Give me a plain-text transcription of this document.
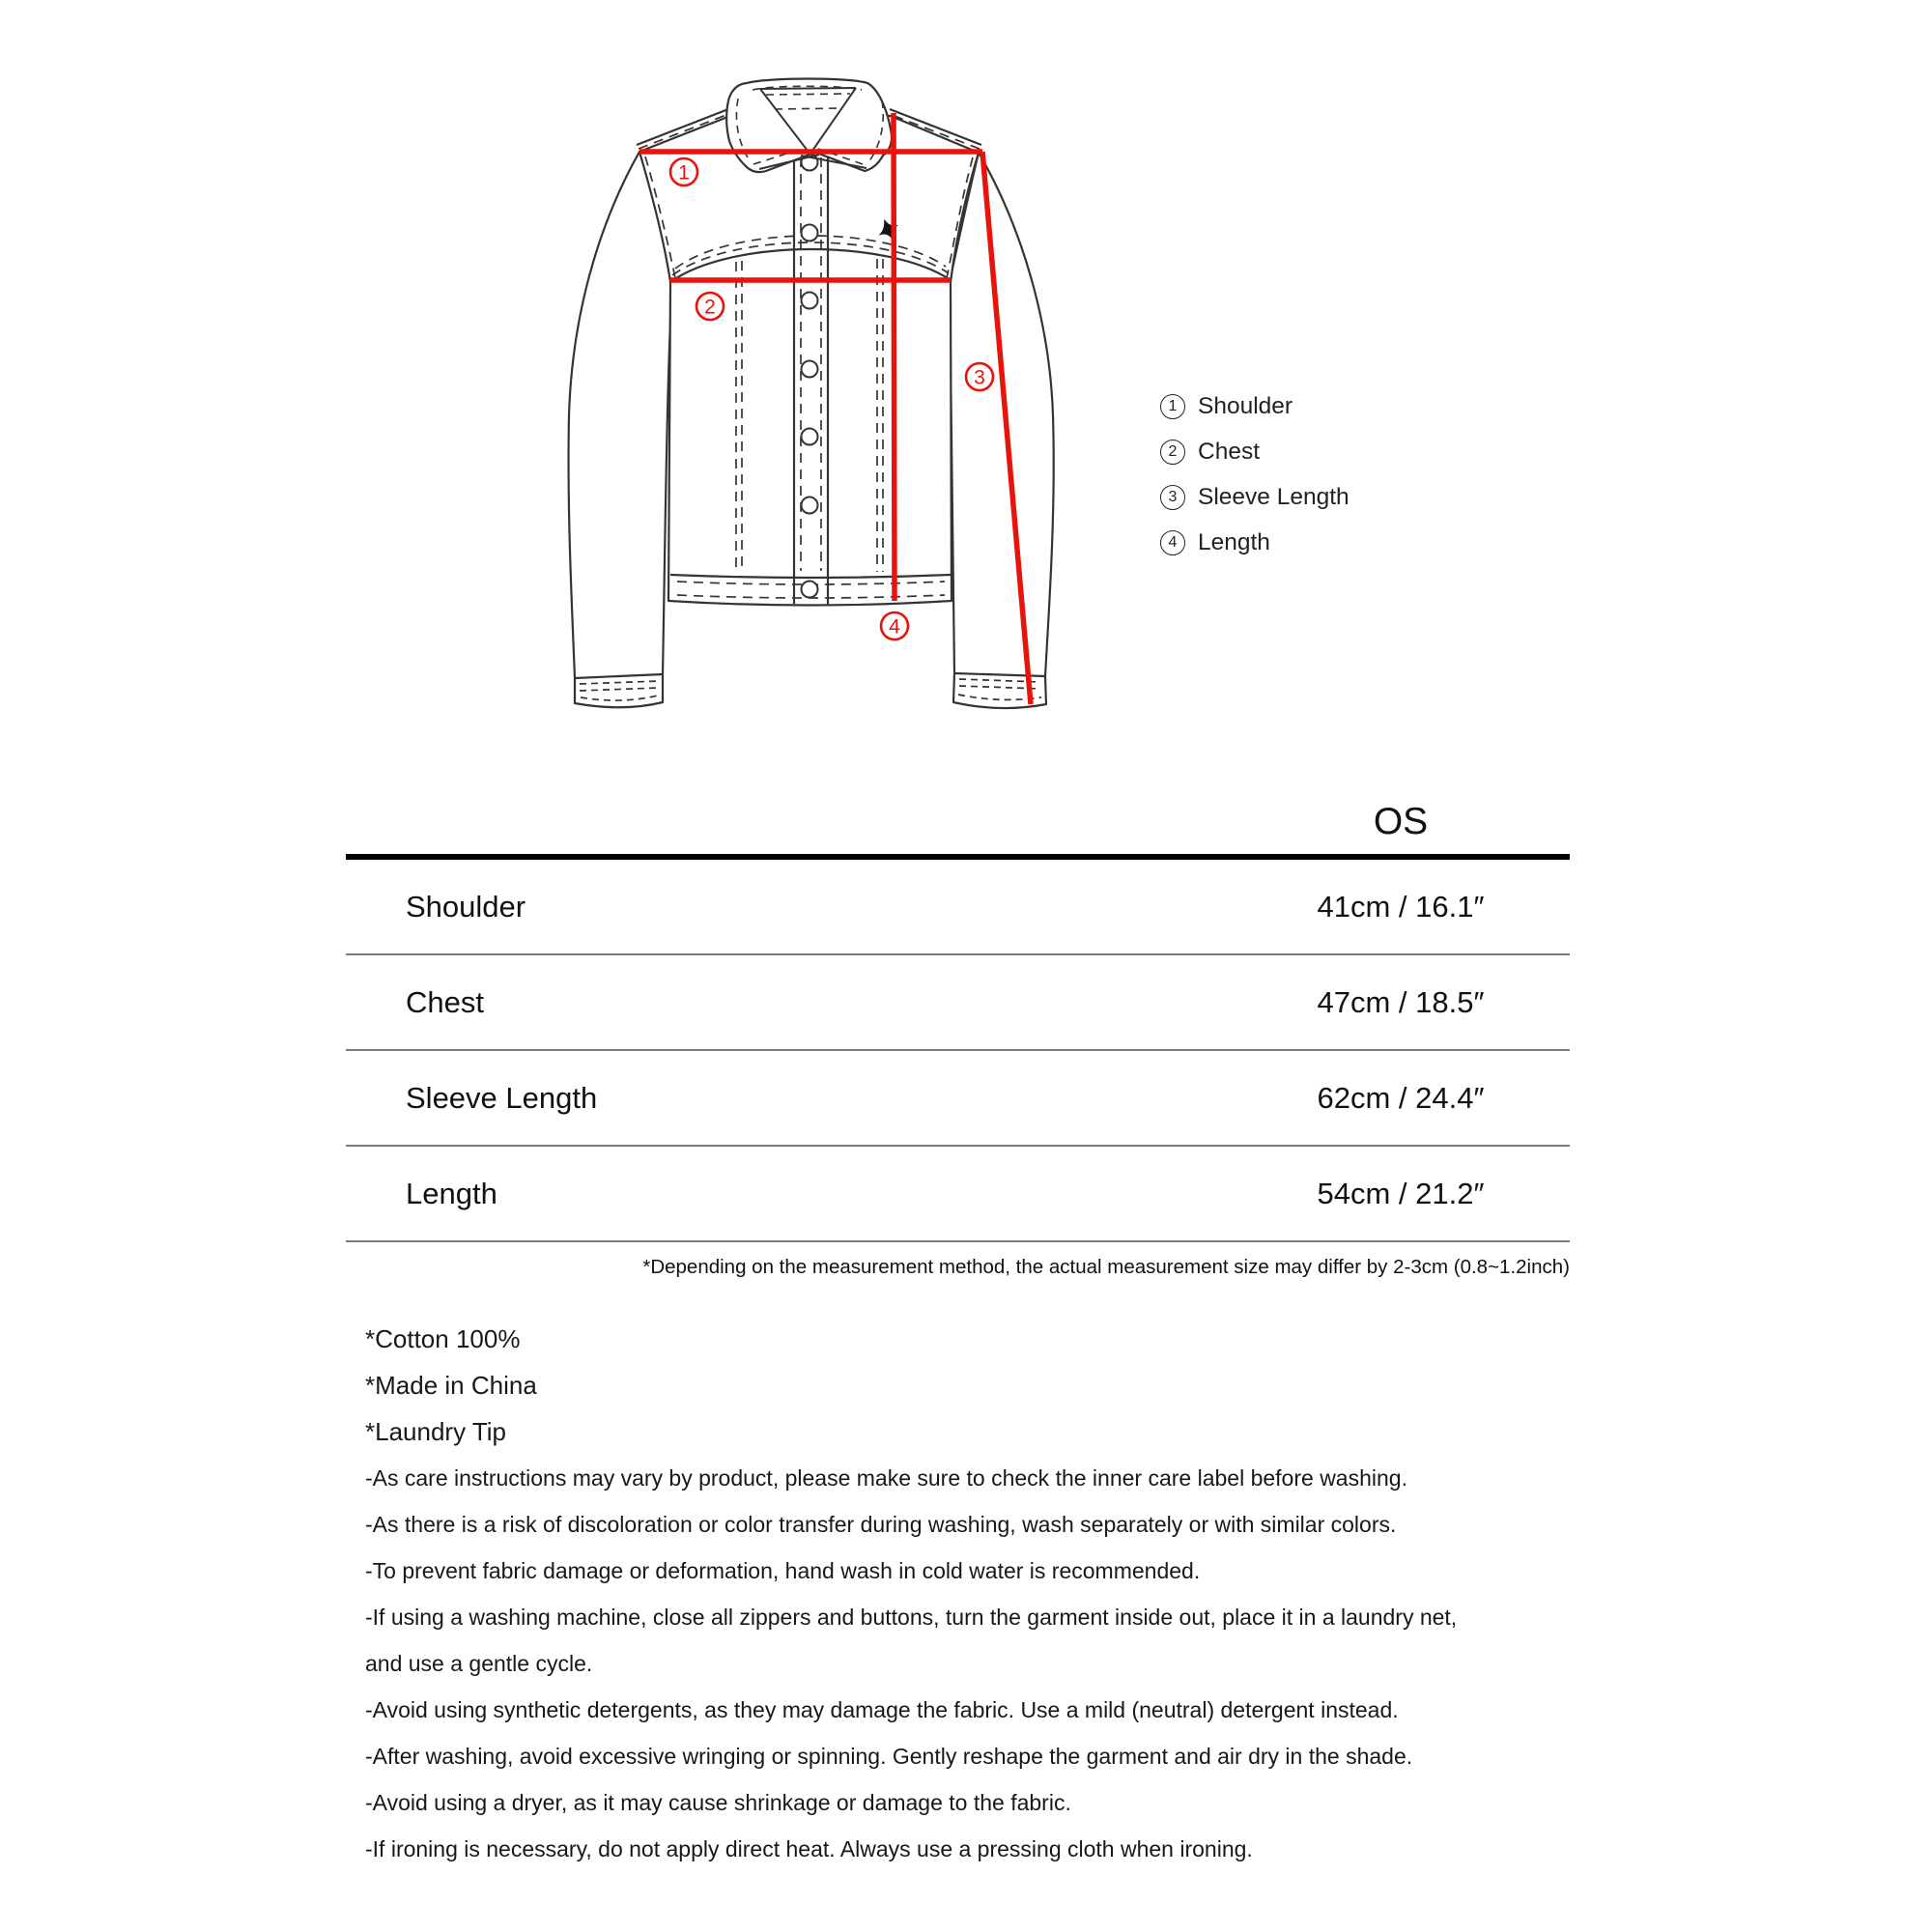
1
2
3
4
1 Shoulder
2 Chest
3 Sleeve Length
4 Length
OS
Shoulder	41cm / 16.1″
Chest	47cm / 18.5″
Sleeve Length	62cm / 24.4″
Length	54cm / 21.2″
*Depending on the measurement method, the actual measurement size may differ by 2-3cm (0.8~1.2inch)
*Cotton 100%
*Made in China
*Laundry Tip
-As care instructions may vary by product, please make sure to check the inner care label before washing.
-As there is a risk of discoloration or color transfer during washing, wash separately or with similar colors.
-To prevent fabric damage or deformation, hand wash in cold water is recommended.
-If using a washing machine, close all zippers and buttons, turn the garment inside out, place it in a laundry net,
and use a gentle cycle.
-Avoid using synthetic detergents, as they may damage the fabric. Use a mild (neutral) detergent instead.
-After washing, avoid excessive wringing or spinning. Gently reshape the garment and air dry in the shade.
-Avoid using a dryer, as it may cause shrinkage or damage to the fabric.
-If ironing is necessary, do not apply direct heat. Always use a pressing cloth when ironing.
